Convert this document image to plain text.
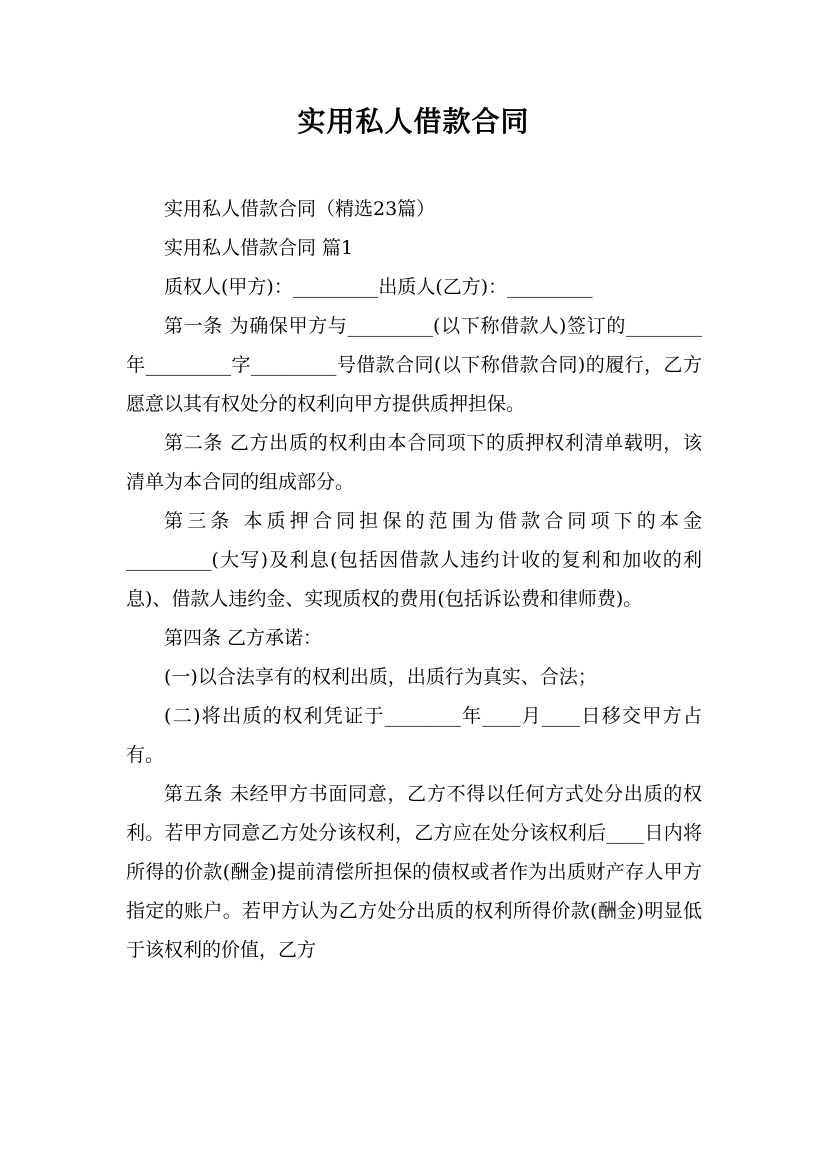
实用私人借款合同

实用私人借款合同（精选23篇）

实用私人借款合同 篇1

质权人(甲方)：_________出质人(乙方)：_________

第一条 为确保甲方与_________(以下称借款人)签订的________年_________字_________号借款合同(以下称借款合同)的履行，乙方愿意以其有权处分的权利向甲方提供质押担保。

第二条 乙方出质的权利由本合同项下的质押权利清单载明，该清单为本合同的组成部分。

第三条 本质押合同担保的范围为借款合同项下的本金_________(大写)及利息(包括因借款人违约计收的复利和加收的利息)、借款人违约金、实现质权的费用(包括诉讼费和律师费)。

第四条 乙方承诺：

(一)以合法享有的权利出质，出质行为真实、合法；

(二)将出质的权利凭证于________年____月____日移交甲方占有。

第五条 未经甲方书面同意，乙方不得以任何方式处分出质的权利。若甲方同意乙方处分该权利，乙方应在处分该权利后____日内将所得的价款(酬金)提前清偿所担保的债权或者作为出质财产存人甲方指定的账户。若甲方认为乙方处分出质的权利所得价款(酬金)明显低于该权利的价值，乙方
